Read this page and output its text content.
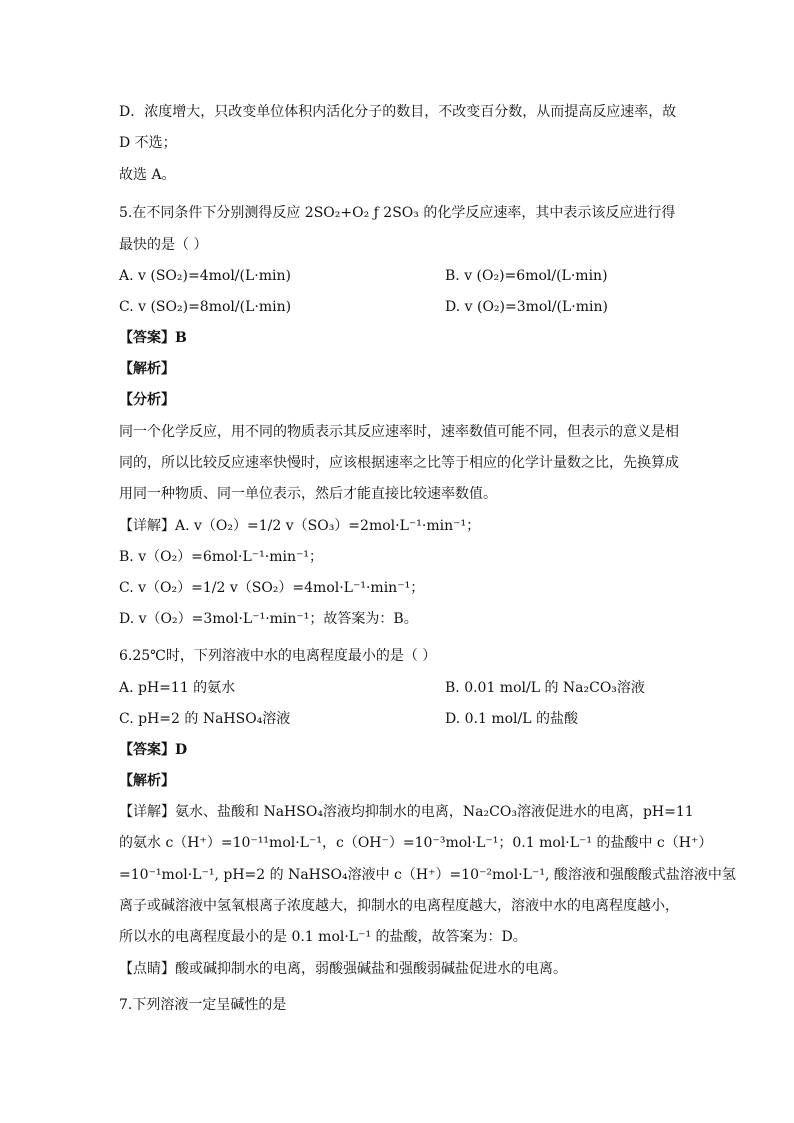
D．浓度增大，只改变单位体积内活化分子的数目，不改变百分数，从而提高反应速率，故
D 不选；
故选 A。
5.在不同条件下分别测得反应 2SO₂+O₂ ƒ 2SO₃ 的化学反应速率，其中表示该反应进行得
最快的是（ ）
A. v (SO₂)=4mol/(L·min)	B. v (O₂)=6mol/(L·min)
C. v (SO₂)=8mol/(L·min)	D. v (O₂)=3mol/(L·min)
【答案】B
【解析】
【分析】
同一个化学反应，用不同的物质表示其反应速率时，速率数值可能不同，但表示的意义是相
同的，所以比较反应速率快慢时，应该根据速率之比等于相应的化学计量数之比，先换算成
用同一种物质、同一单位表示，然后才能直接比较速率数值。
【详解】A. v（O₂）=1/2 v（SO₃）=2mol·L⁻¹·min⁻¹；
B. v（O₂）=6mol·L⁻¹·min⁻¹；
C. v（O₂）=1/2 v（SO₂）=4mol·L⁻¹·min⁻¹；
D. v（O₂）=3mol·L⁻¹·min⁻¹；故答案为：B。
6.25℃时，下列溶液中水的电离程度最小的是（ ）
A. pH=11 的氨水	B. 0.01 mol/L 的 Na₂CO₃溶液
C. pH=2 的 NaHSO₄溶液	D. 0.1 mol/L 的盐酸
【答案】D
【解析】
【详解】氨水、盐酸和 NaHSO₄溶液均抑制水的电离，Na₂CO₃溶液促进水的电离，pH=11
的氨水 c（H⁺）=10⁻¹¹mol·L⁻¹，c（OH⁻）=10⁻³mol·L⁻¹；0.1 mol·L⁻¹ 的盐酸中 c（H⁺）
=10⁻¹mol·L⁻¹, pH=2 的 NaHSO₄溶液中 c（H⁺）=10⁻²mol·L⁻¹, 酸溶液和强酸酸式盐溶液中氢
离子或碱溶液中氢氧根离子浓度越大，抑制水的电离程度越大，溶液中水的电离程度越小，
所以水的电离程度最小的是 0.1 mol·L⁻¹ 的盐酸，故答案为：D。
【点睛】酸或碱抑制水的电离，弱酸强碱盐和强酸弱碱盐促进水的电离。
7.下列溶液一定呈碱性的是
